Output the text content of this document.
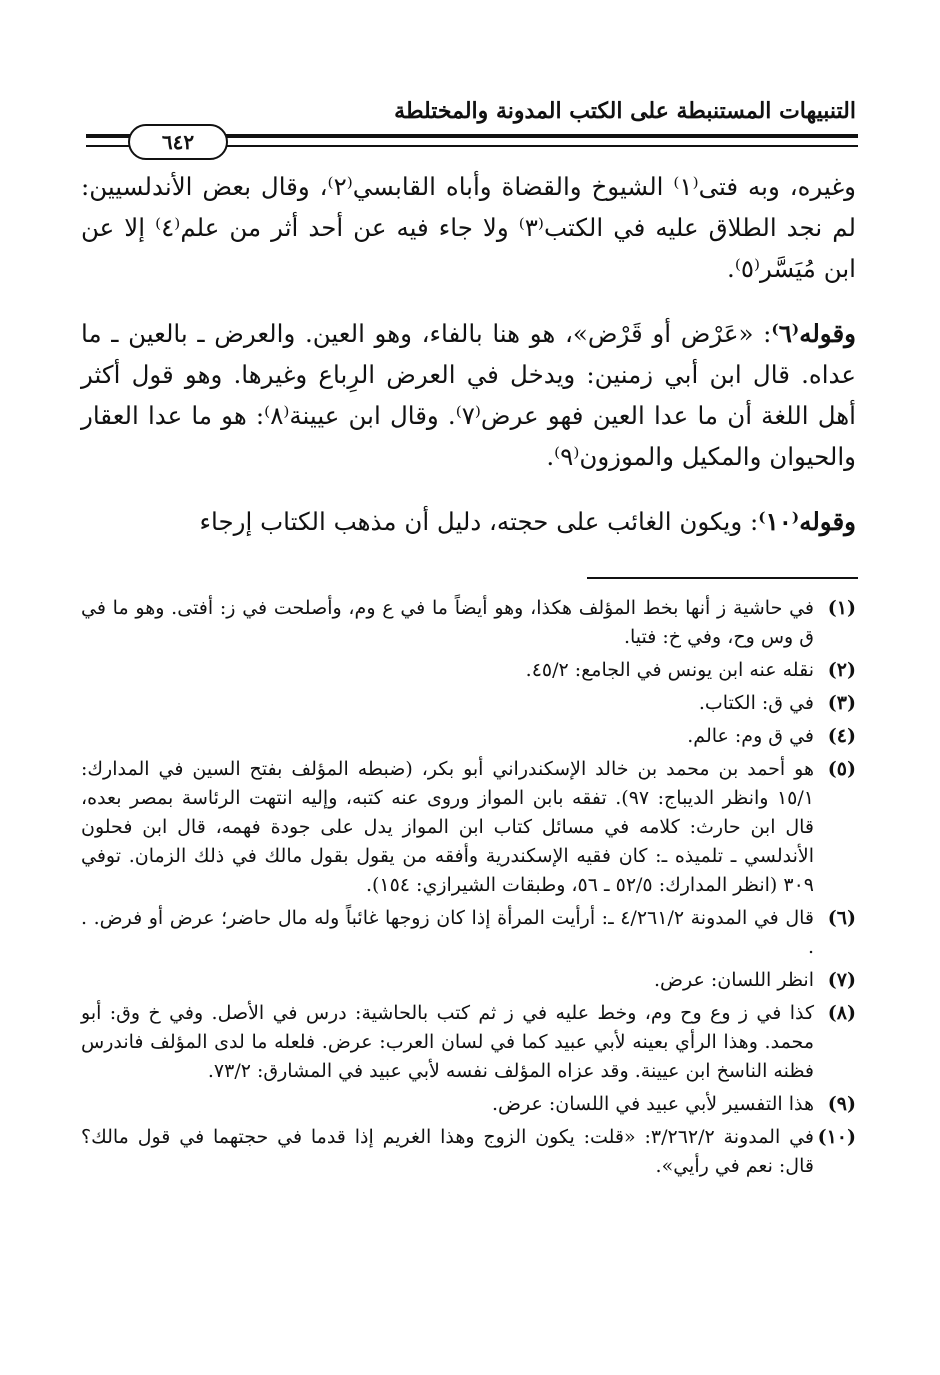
التنبيهات المستنبطة على الكتب المدونة والمختلطة
٦٤٢

وغيره، وبه فتى⁽١⁾ الشيوخ والقضاة وأباه القابسي⁽٢⁾، وقال بعض الأندلسيين: لم نجد الطلاق عليه في الكتب⁽٣⁾ ولا جاء فيه عن أحد أثر من علم⁽٤⁾ إلا عن ابن مُيَسَّر⁽٥⁾.

وقوله⁽٦⁾: «عَرْض أو قَرْض»، هو هنا بالفاء، وهو العين. والعرض ـ بالعين ـ ما عداه. قال ابن أبي زمنين: ويدخل في العرض الرِباع وغيرها. وهو قول أكثر أهل اللغة أن ما عدا العين فهو عرض⁽٧⁾. وقال ابن عيينة⁽٨⁾: هو ما عدا العقار والحيوان والمكيل والموزون⁽٩⁾.

وقوله⁽١٠⁾: ويكون الغائب على حجته، دليل أن مذهب الكتاب إرجاء

(١)
في حاشية ز أنها بخط المؤلف هكذا، وهو أيضاً ما في ع وم، وأصلحت في ز: أفتى. وهو ما في ق وس وح، وفي خ: فتيا.
(٢)
نقله عنه ابن يونس في الجامع: ٤٥/٢.
(٣)
في ق: الكتاب.
(٤)
في ق وم: عالم.
(٥)
هو أحمد بن محمد بن خالد الإسكندراني أبو بكر، (ضبطه المؤلف بفتح السين في المدارك: ١٥/١ وانظر الديباج: ٩٧). تفقه بابن المواز وروى عنه كتبه، وإليه انتهت الرئاسة بمصر بعده، قال ابن حارث: كلامه في مسائل كتاب ابن المواز يدل على جودة فهمه، قال ابن فحلون الأندلسي ـ تلميذه ـ: كان فقيه الإسكندرية وأفقه من يقول بقول مالك في ذلك الزمان. توفي ٣٠٩ (انظر المدارك: ٥٢/٥ ـ ٥٦، وطبقات الشيرازي: ١٥٤).
(٦)
قال في المدونة ٤/٢٦١/٢ ـ: أرأيت المرأة إذا كان زوجها غائباً وله مال حاضر؛ عرض أو فرض. . .
(٧)
انظر اللسان: عرض.
(٨)
كذا في ز وع وح وم، وخط عليه في ز ثم كتب بالحاشية: درس في الأصل. وفي خ وق: أبو محمد. وهذا الرأي بعينه لأبي عبيد كما في لسان العرب: عرض. فلعله ما لدى المؤلف فاندرس فظنه الناسخ ابن عيينة. وقد عزاه المؤلف نفسه لأبي عبيد في المشارق: ٧٣/٢.
(٩)
هذا التفسير لأبي عبيد في اللسان: عرض.
(١٠)
في المدونة ٣/٢٦٢/٢: «قلت: يكون الزوج وهذا الغريم إذا قدما في حجتهما في قول مالك؟ قال: نعم في رأيي».
